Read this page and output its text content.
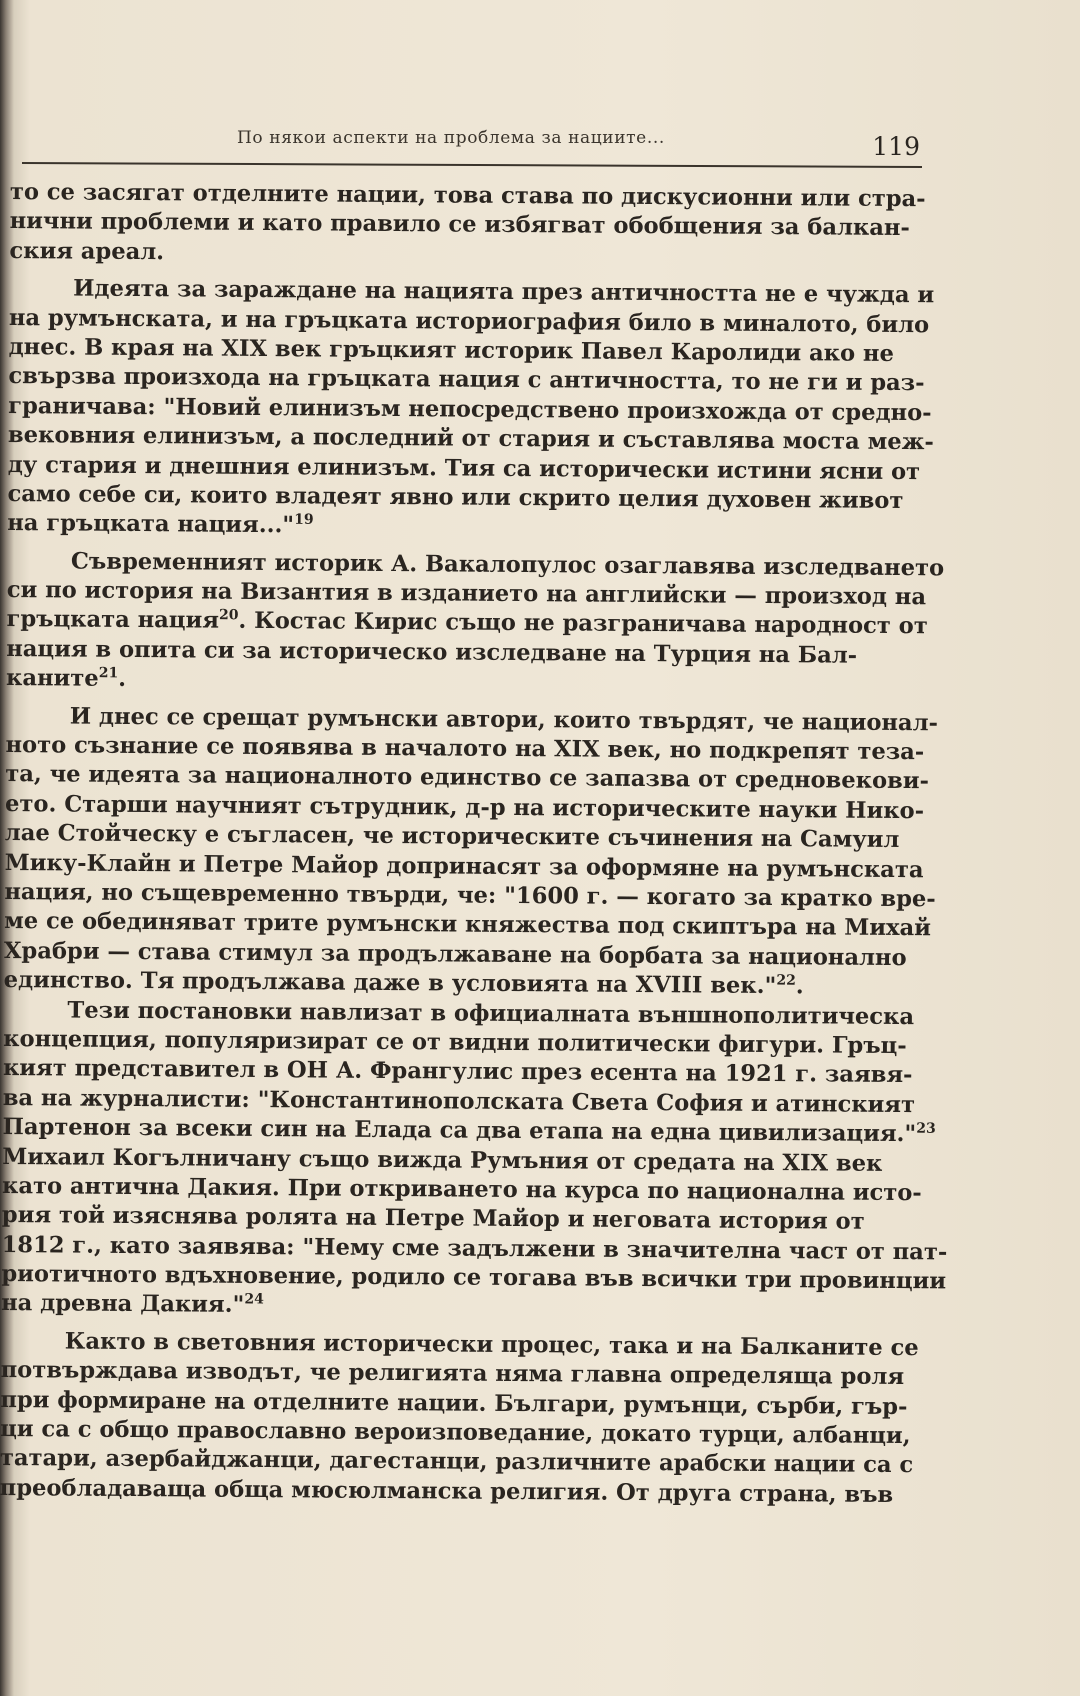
По някои аспекти на проблема за нациите...	119
то се засягат отделните нации, това става по дискусионни или стра-
нични проблеми и като правило се избягват обобщения за балкан-
ския ареал.
Идеята за зараждане на нацията през античността не е чужда и
на румънската, и на гръцката историография било в миналото, било
днес. В края на XIX век гръцкият историк Павел Каролиди ако не
свързва произхода на гръцката нация с античността, то не ги и раз-
граничава: "Новий елинизъм непосредствено произхожда от средно-
вековния елинизъм, а последний от стария и съставлява моста меж-
ду стария и днешния елинизъм. Тия са исторически истини ясни от
само себе си, които владеят явно или скрито целия духовен живот
на гръцката нация..."$^{19}$
Съвременният историк А. Вакалопулос озаглавява изследването
си по история на Византия в изданието на английски — произход на
гръцката нация$^{20}$. Костас Кирис също не разграничава народност от
нация в опита си за историческо изследване на Турция на Бал-
каните$^{21}$.
И днес се срещат румънски автори, които твърдят, че национал-
ното съзнание се появява в началото на XIX век, но подкрепят теза-
та, че идеята за националното единство се запазва от средновекови-
ето. Старши научният сътрудник, д-р на историческите науки Нико-
лае Стойческу е съгласен, че историческите съчинения на Самуил
Мику-Клайн и Петре Майор допринасят за оформяне на румънската
нация, но същевременно твърди, че: "1600 г. — когато за кратко вре-
ме се обединяват трите румънски княжества под скиптъра на Михай
Храбри — става стимул за продължаване на борбата за национално
единство. Тя продължава даже в условията на XVIII век."$^{22}$.
Тези постановки навлизат в официалната външнополитическа
концепция, популяризират се от видни политически фигури. Гръц-
кият представител в ОН А. Франгулис през есента на 1921 г. заявя-
ва на журналисти: "Константинополската Света София и атинският
Партенон за всеки син на Елада са два етапа на една цивилизация."$^{23}$
Михаил Когълничану също вижда Румъния от средата на XIX век
като антична Дакия. При откриването на курса по национална исто-
рия той изяснява ролята на Петре Майор и неговата история от
1812 г., като заявява: "Нему сме задължени в значителна част от пат-
риотичното вдъхновение, родило се тогава във всички три провинции
на древна Дакия."$^{24}$
Както в световния исторически процес, така и на Балканите се
потвърждава изводът, че религията няма главна определяща роля
при формиране на отделните нации. Българи, румънци, сърби, гър-
ци са с общо православно вероизповедание, докато турци, албанци,
татари, азербайджанци, дагестанци, различните арабски нации са с
преобладаваща обща мюсюлманска религия. От друга страна, във
